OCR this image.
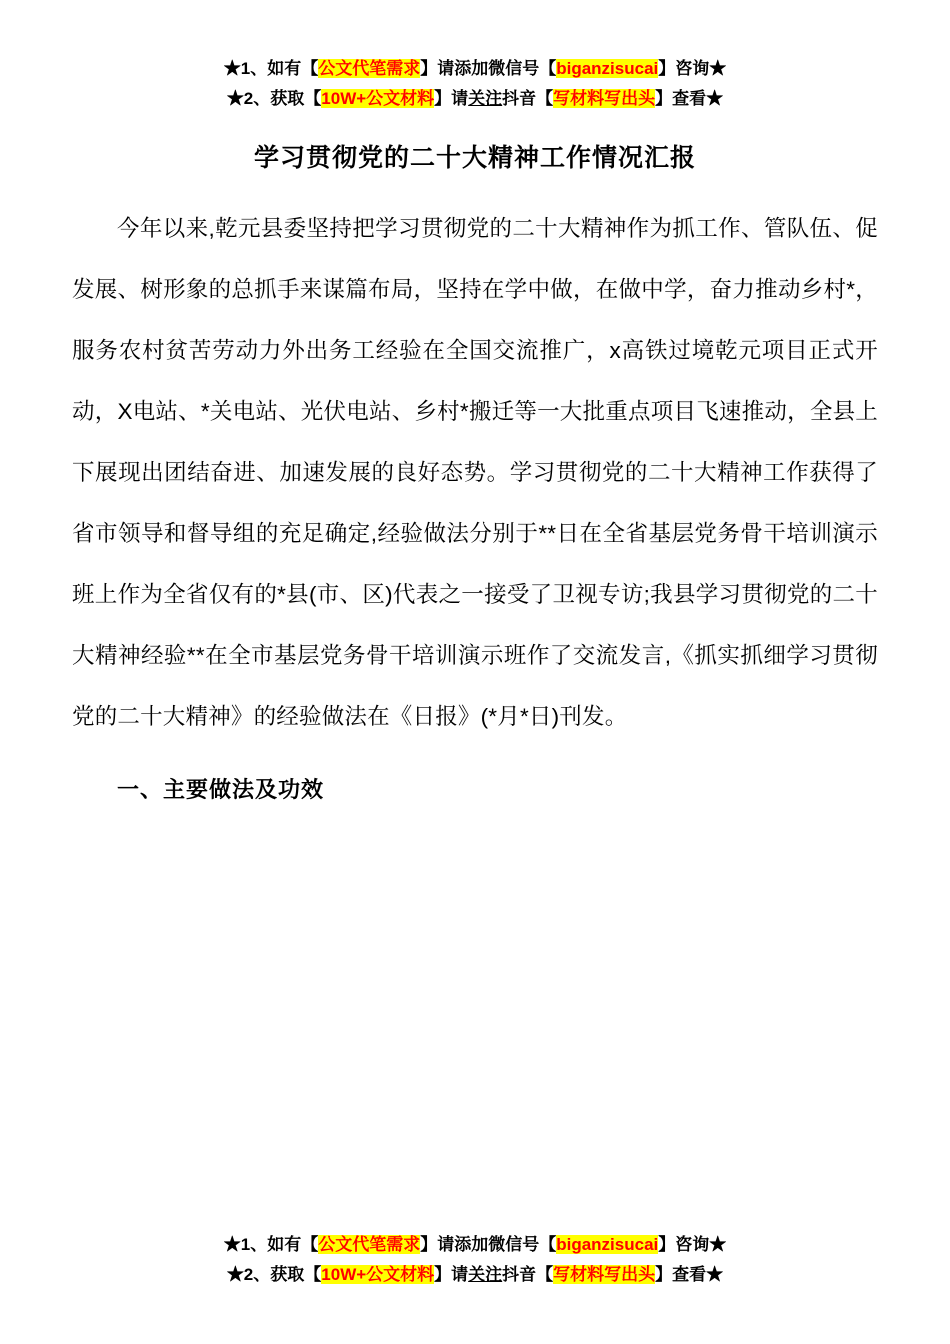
★1、如有【公文代笔需求】请添加微信号【biganzisucai】咨询★
★2、获取【10W+公文材料】请关注抖音【写材料写出头】查看★
学习贯彻党的二十大精神工作情况汇报

今年以来,乾元县委坚持把学习贯彻党的二十大精神作为抓工作、管队伍、促发展、树形象的总抓手来谋篇布局，坚持在学中做，在做中学，奋力推动乡村*，服务农村贫苦劳动力外出务工经验在全国交流推广，x高铁过境乾元项目正式开动，X电站、*关电站、光伏电站、乡村*搬迁等一大批重点项目飞速推动，全县上下展现出团结奋进、加速发展的良好态势。学习贯彻党的二十大精神工作获得了省市领导和督导组的充足确定,经验做法分别于**日在全省基层党务骨干培训演示班上作为全省仅有的*县(市、区)代表之一接受了卫视专访;我县学习贯彻党的二十大精神经验**在全市基层党务骨干培训演示班作了交流发言,《抓实抓细学习贯彻党的二十大精神》的经验做法在《日报》(*月*日)刊发。

一、主要做法及功效
★1、如有【公文代笔需求】请添加微信号【biganzisucai】咨询★
★2、获取【10W+公文材料】请关注抖音【写材料写出头】查看★
